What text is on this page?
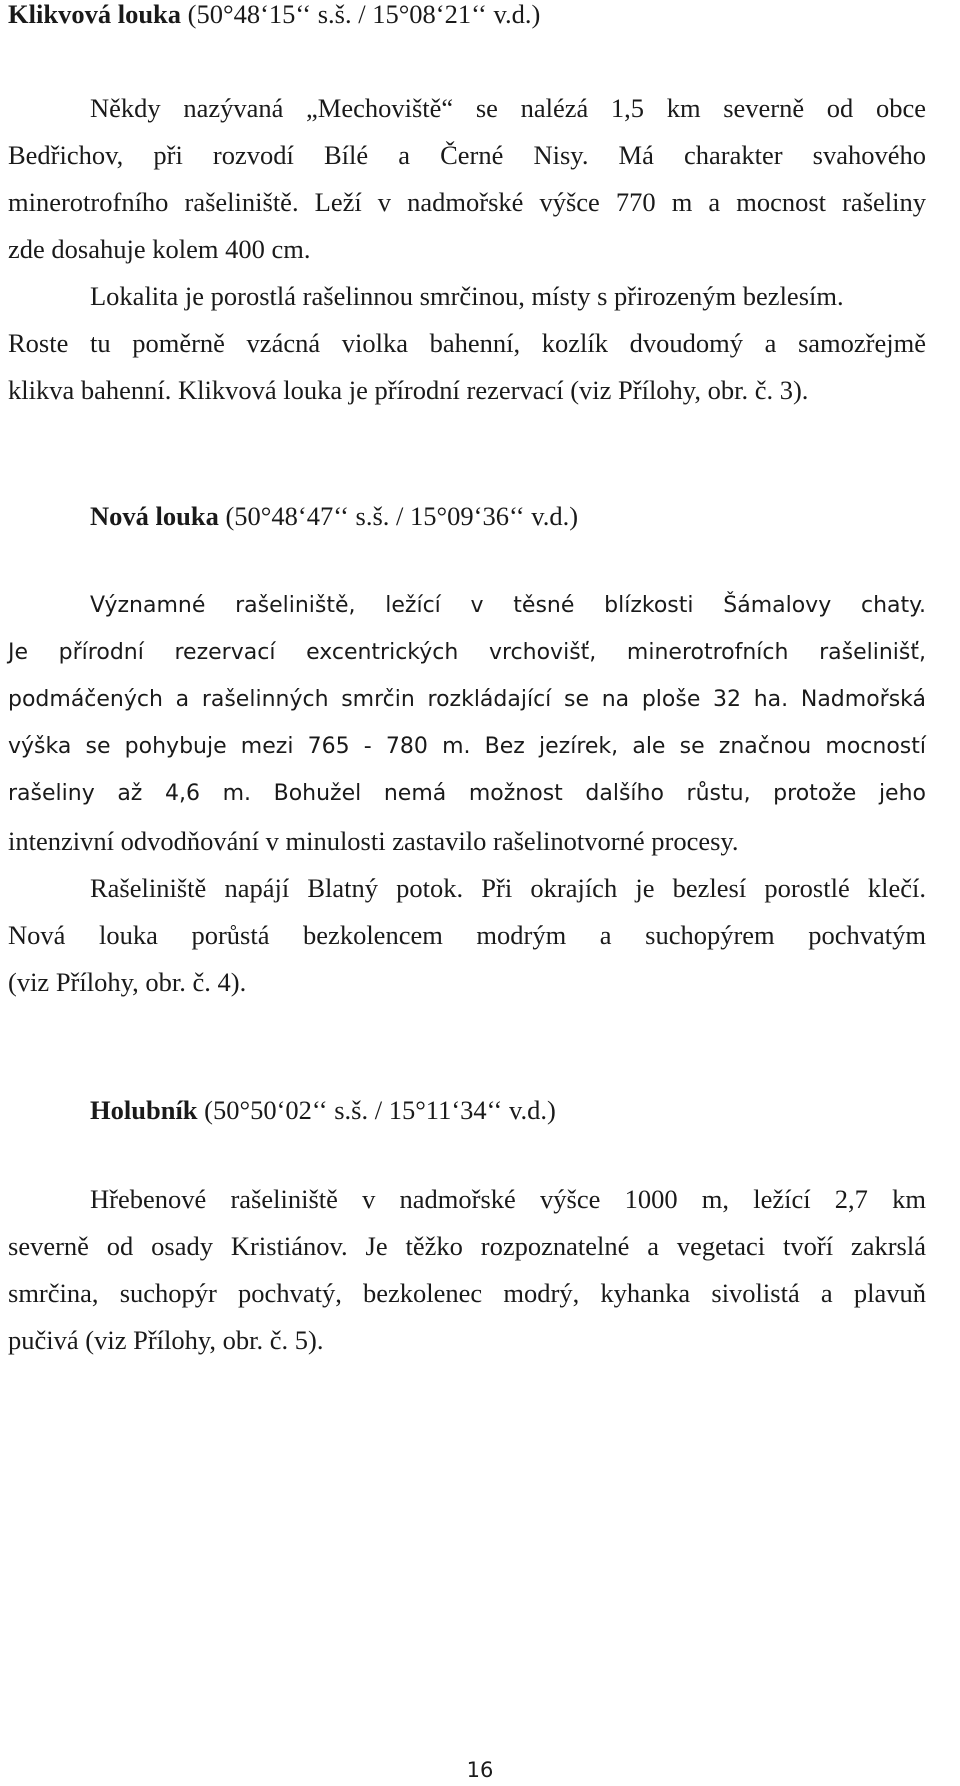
Klikvová louka (50°48‘15‘‘ s.š. / 15°08‘21‘‘ v.d.)
Někdy nazývaná „Mechoviště“ se nalézá 1,5 km severně od obce
Bedřichov, při rozvodí Bílé a Černé Nisy. Má charakter svahového
minerotrofního rašeliniště. Leží v nadmořské výšce 770 m a mocnost rašeliny
zde dosahuje kolem 400 cm.
Lokalita je porostlá rašelinnou smrčinou, místy s přirozeným bezlesím.
Roste tu poměrně vzácná violka bahenní, kozlík dvoudomý a samozřejmě
klikva bahenní. Klikvová louka je přírodní rezervací (viz Přílohy, obr. č. 3).
Nová louka (50°48‘47‘‘ s.š. / 15°09‘36‘‘ v.d.)
Významné rašeliniště, ležící v těsné blízkosti Šámalovy chaty.
Je přírodní rezervací excentrických vrchovišť, minerotrofních rašelinišť,
podmáčených a rašelinných smrčin rozkládající se na ploše 32 ha. Nadmořská
výška se pohybuje mezi 765 - 780 m. Bez jezírek, ale se značnou mocností
rašeliny až 4,6 m. Bohužel nemá možnost dalšího růstu, protože jeho
intenzivní odvodňování v minulosti zastavilo rašelinotvorné procesy.
Rašeliniště napájí Blatný potok. Při okrajích je bezlesí porostlé klečí.
Nová louka porůstá bezkolencem modrým a suchopýrem pochvatým
(viz Přílohy, obr. č. 4).
Holubník (50°50‘02‘‘ s.š. / 15°11‘34‘‘ v.d.)
Hřebenové rašeliniště v nadmořské výšce 1000 m, ležící 2,7 km
severně od osady Kristiánov. Je těžko rozpoznatelné a vegetaci tvoří zakrslá
smrčina, suchopýr pochvatý, bezkolenec modrý, kyhanka sivolistá a plavuň
pučivá (viz Přílohy, obr. č. 5).
16
